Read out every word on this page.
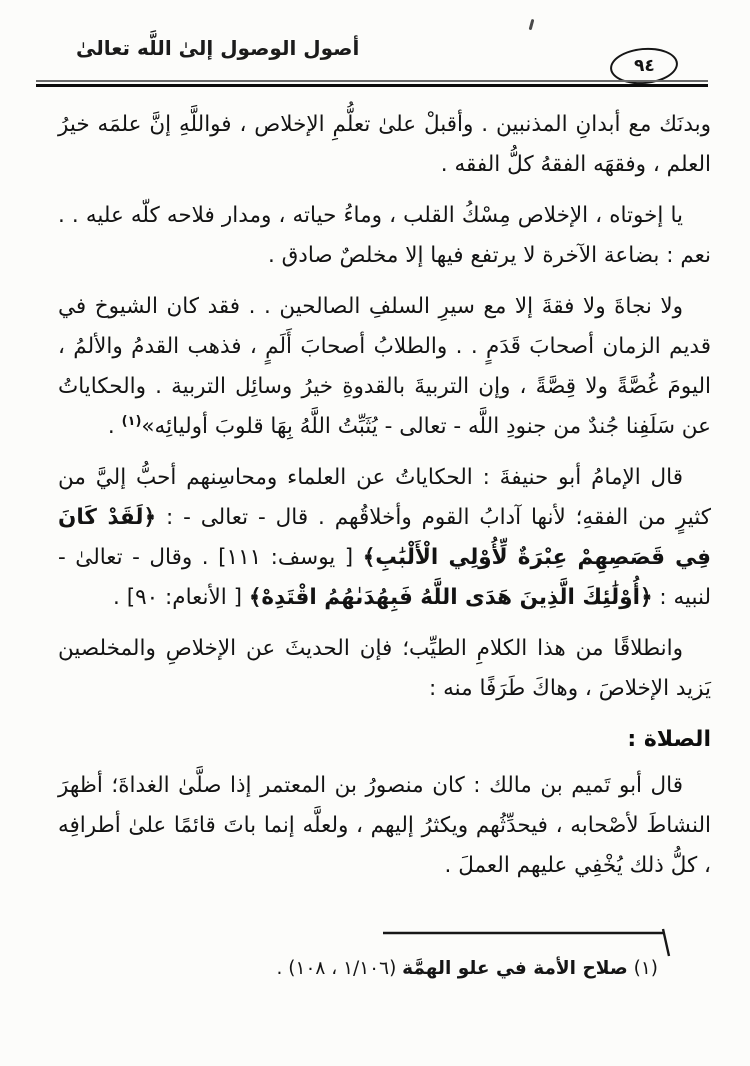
أصول الوصول إلىٰ اللَّه تعالىٰ
٩٤

وبدنَك مع أبدانِ المذنبين . وأقبلْ علىٰ تعلُّمِ الإخلاص ، فواللَّهِ إنَّ علمَه خيرُ العلم ، وفقهَه الفقهُ كلُّ الفقه .

يا إخوتاه ، الإخلاص مِسْكُ القلب ، وماءُ حياته ، ومدار فلاحه كلّه عليه . . نعم : بضاعة الآخرة لا يرتفع فيها إلا مخلصٌ صادق .

ولا نجاةَ ولا فقةَ إلا مع سيرِ السلفِ الصالحين . . فقد كان الشيوخ في قديم الزمان أصحابَ قَدَمٍ . . والطلابُ أصحابَ أَلَمٍ ، فذهب القدمُ والألمُ ، اليومَ غُصَّةً ولا قِصَّةً ، وإن التربيةَ بالقدوةِ خيرُ وسائِل التربية . والحكاياتُ عن سَلَفِنا جُندٌ من جنودِ اللَّه - تعالى - يُثَبِّتُ اللَّهُ بِهَا قلوبَ أوليائِه»$^{(١)}$ .

قال الإمامُ أبو حنيفةَ : الحكاياتُ عن العلماء ومحاسِنهم أحبُّ إليَّ من كثيرٍ من الفقهِ؛ لأنها آدابُ القوم وأخلاقُهم . قال - تعالى - : ﴿لَقَدْ كَانَ فِي قَصَصِهِمْ عِبْرَةٌ لِّأُوْلِي الْأَلْبَٰبِ﴾ [ يوسف: ١١١] . وقال - تعالىٰ - لنبيه : ﴿أُوْلَٰئِكَ الَّذِينَ هَدَى اللَّهُ فَبِهُدَىٰهُمُ اقْتَدِهْ﴾ [ الأنعام: ٩٠] .

وانطلاقًا من هذا الكلامِ الطيِّب؛ فإن الحديثَ عن الإخلاصِ والمخلصين يَزيد الإخلاصَ ، وهاكَ طَرَفًا منه :

الصلاة :

قال أبو تَميم بن مالك : كان منصورُ بن المعتمر إذا صلَّىٰ الغداةَ؛ أظهرَ النشاطَ لأصْحابه ، فيحدِّثُهم ويكثرُ إليهم ، ولعلَّه إنما باتَ قائمًا علىٰ أطرافِه ، كلُّ ذلك يُخْفِي عليهم العملَ .

(١) صلاح الأمة في علو الهمَّة (١/١٠٦ ، ١٠٨) .
